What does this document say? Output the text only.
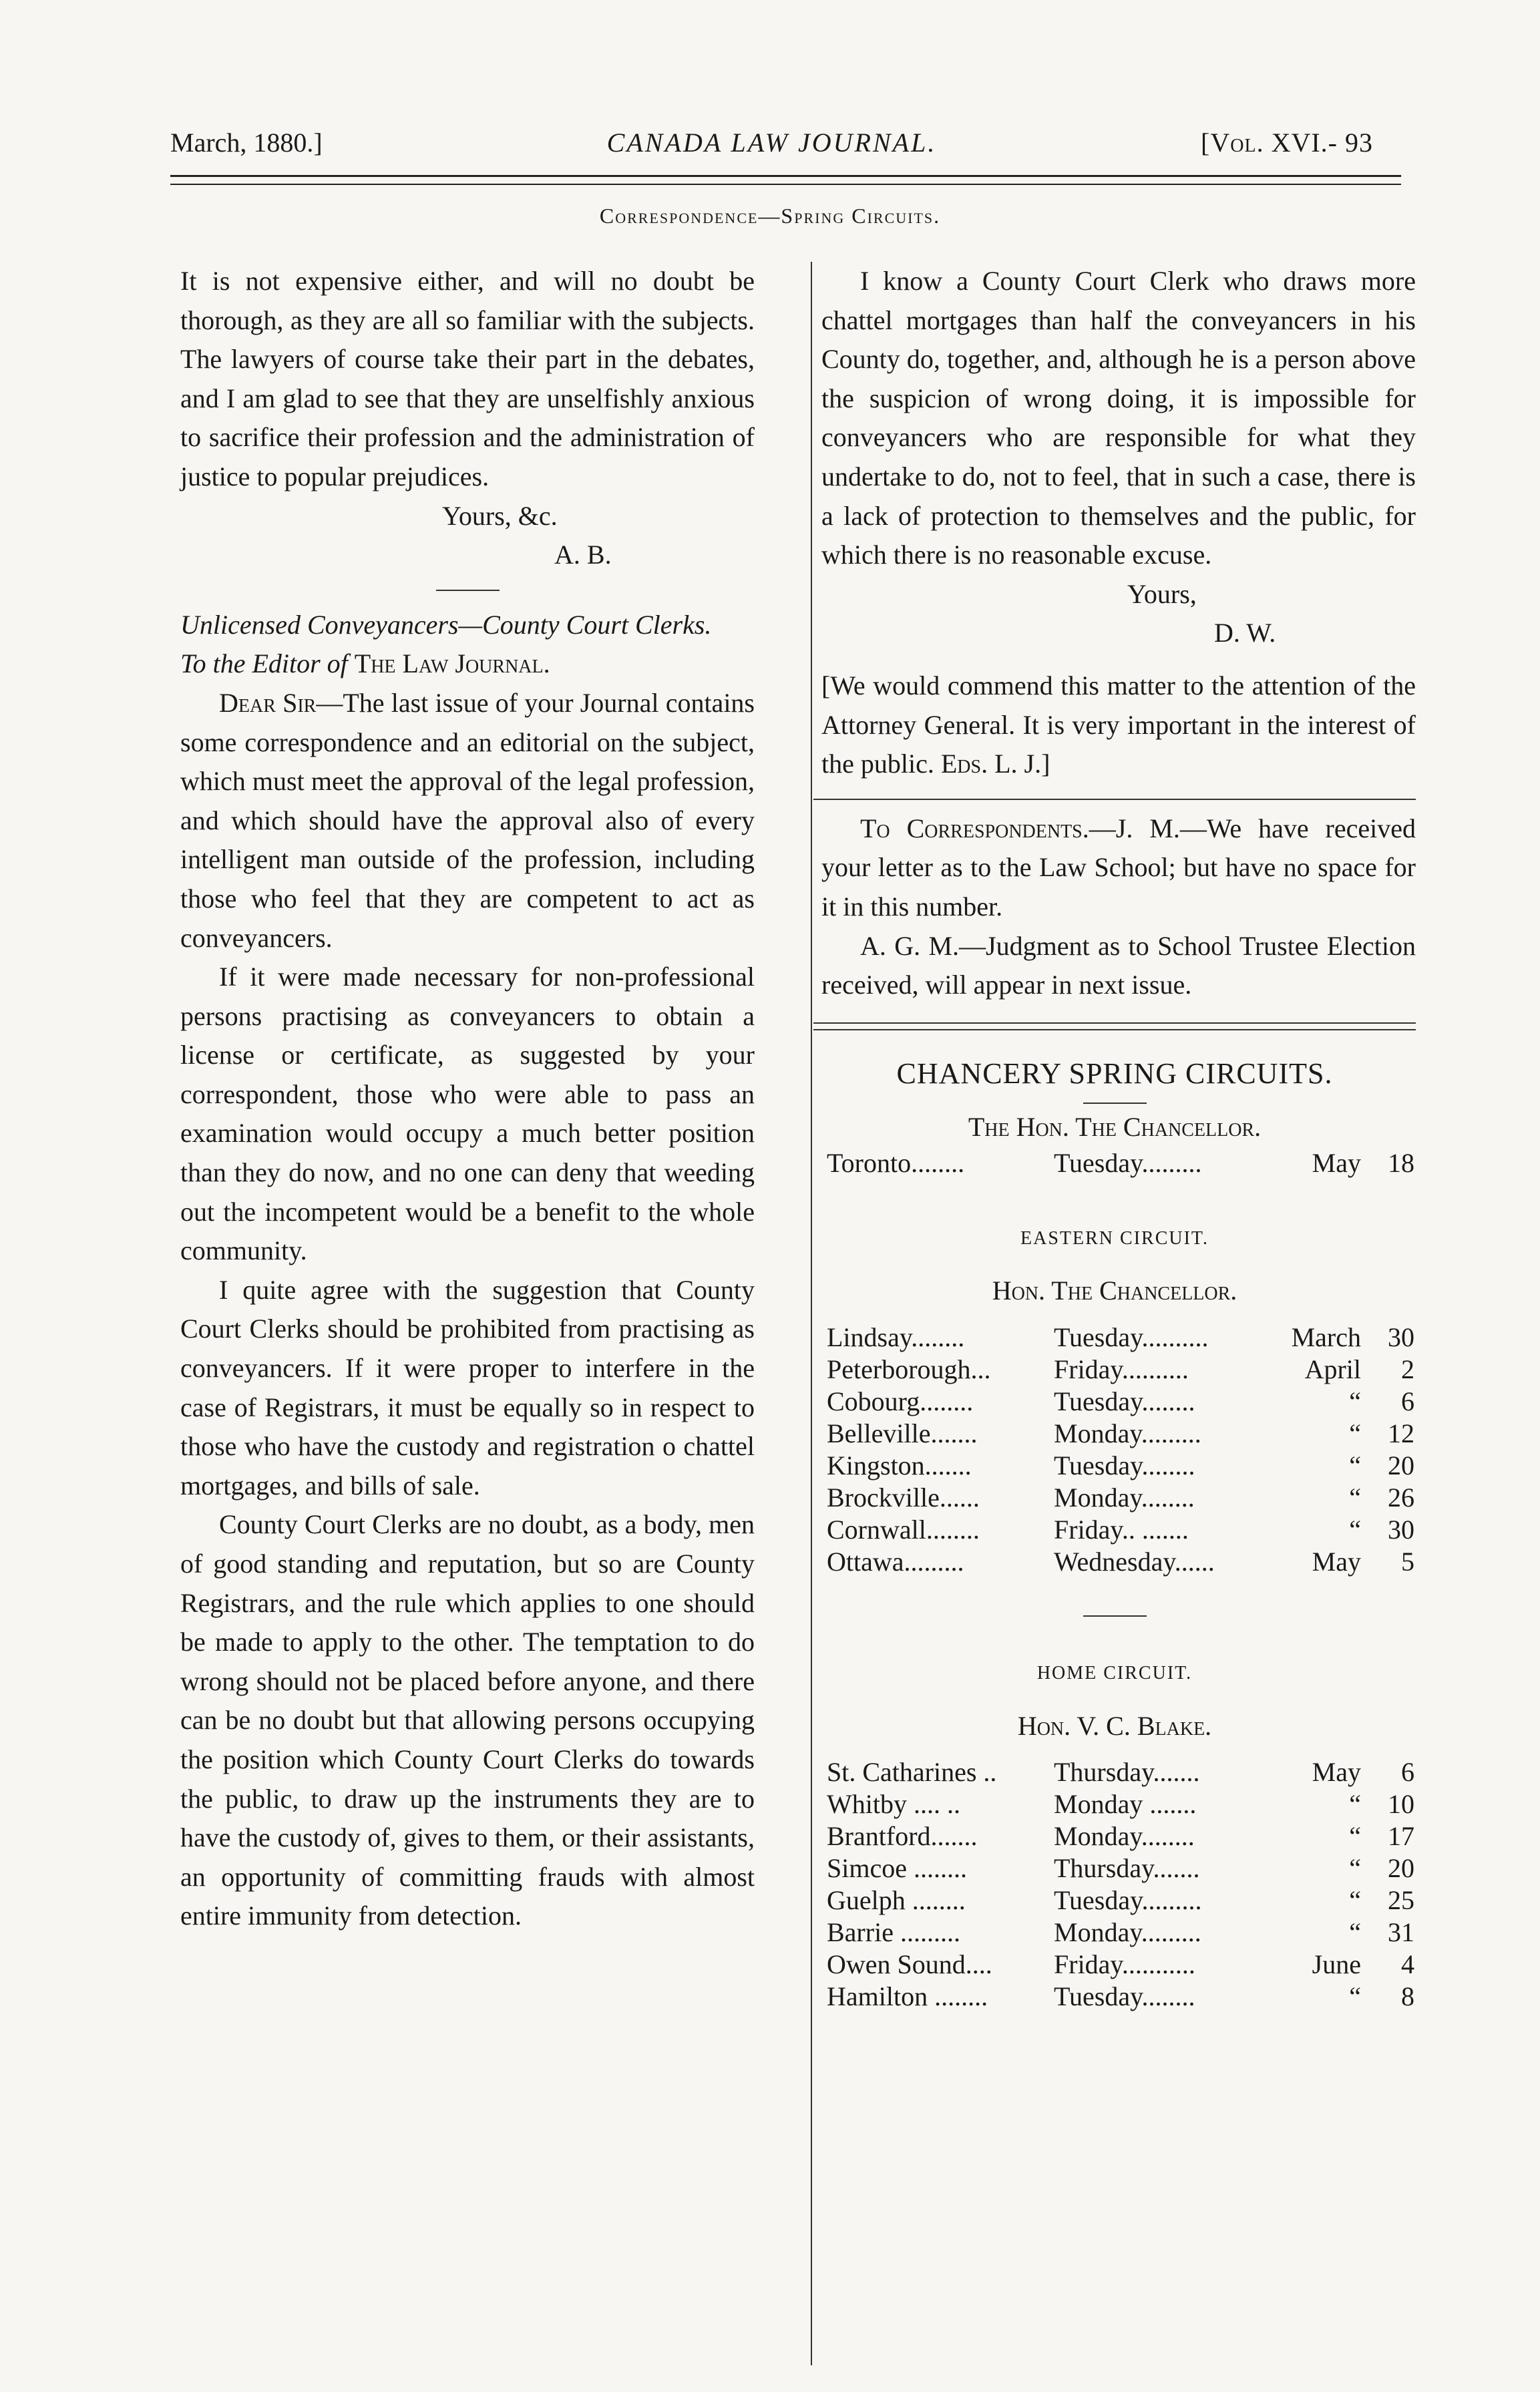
March, 1880.]	CANADA LAW JOURNAL.	[Vol. XVI.- 93
Correspondence—Spring Circuits.

It is not expensive either, and will no doubt be thorough, as they are all so familiar with the subjects. The lawyers of course take their part in the debates, and I am glad to see that they are unselfishly anxious to sacrifice their profession and the administration of justice to popular prejudices.

Yours, &c.
A. B.

Unlicensed Conveyancers—County Court Clerks.

To the Editor of The Law Journal.

Dear Sir—The last issue of your Journal contains some correspondence and an editorial on the subject, which must meet the approval of the legal profession, and which should have the approval also of every intelligent man outside of the profession, including those who feel that they are competent to act as conveyancers.

If it were made necessary for non-professional persons practising as conveyancers to obtain a license or certificate, as suggested by your correspondent, those who were able to pass an examination would occupy a much better position than they do now, and no one can deny that weeding out the incompetent would be a benefit to the whole community.

I quite agree with the suggestion that County Court Clerks should be prohibited from practising as conveyancers. If it were proper to interfere in the case of Registrars, it must be equally so in respect to those who have the custody and registration o chattel mortgages, and bills of sale.

County Court Clerks are no doubt, as a body, men of good standing and reputation, but so are County Registrars, and the rule which applies to one should be made to apply to the other. The temptation to do wrong should not be placed before anyone, and there can be no doubt but that allowing persons occupying the position which County Court Clerks do towards the public, to draw up the instruments they are to have the custody of, gives to them, or their assistants, an opportunity of committing frauds with almost entire immunity from detection.

I know a County Court Clerk who draws more chattel mortgages than half the conveyancers in his County do, together, and, although he is a person above the suspicion of wrong doing, it is impossible for conveyancers who are responsible for what they undertake to do, not to feel, that in such a case, there is a lack of protection to themselves and the public, for which there is no reasonable excuse.

Yours,
D. W.

[We would commend this matter to the attention of the Attorney General. It is very important in the interest of the public. Eds. L. J.]

To Correspondents.—J. M.—We have received your letter as to the Law School; but have no space for it in this number.

A. G. M.—Judgment as to School Trustee Election received, will appear in next issue.

CHANCERY SPRING CIRCUITS.
The Hon. The Chancellor.
Toronto........	Tuesday.........	May	18
EASTERN CIRCUIT.
Hon. The Chancellor.
Lindsay........	Tuesday..........	March	30
Peterborough...	Friday..........	April	2
Cobourg........	Tuesday........	“	6
Belleville.......	Monday.........	“	12
Kingston.......	Tuesday........	“	20
Brockville......	Monday........	“	26
Cornwall........	Friday.. .......	“	30
Ottawa.........	Wednesday......	May	5
HOME CIRCUIT.
Hon. V. C. Blake.
St. Catharines ..	Thursday.......	May	6
Whitby .... ..	Monday .......	“	10
Brantford.......	Monday........	“	17
Simcoe ........	Thursday.......	“	20
Guelph ........	Tuesday.........	“	25
Barrie .........	Monday.........	“	31
Owen Sound....	Friday...........	June	4
Hamilton ........	Tuesday........	“	8
